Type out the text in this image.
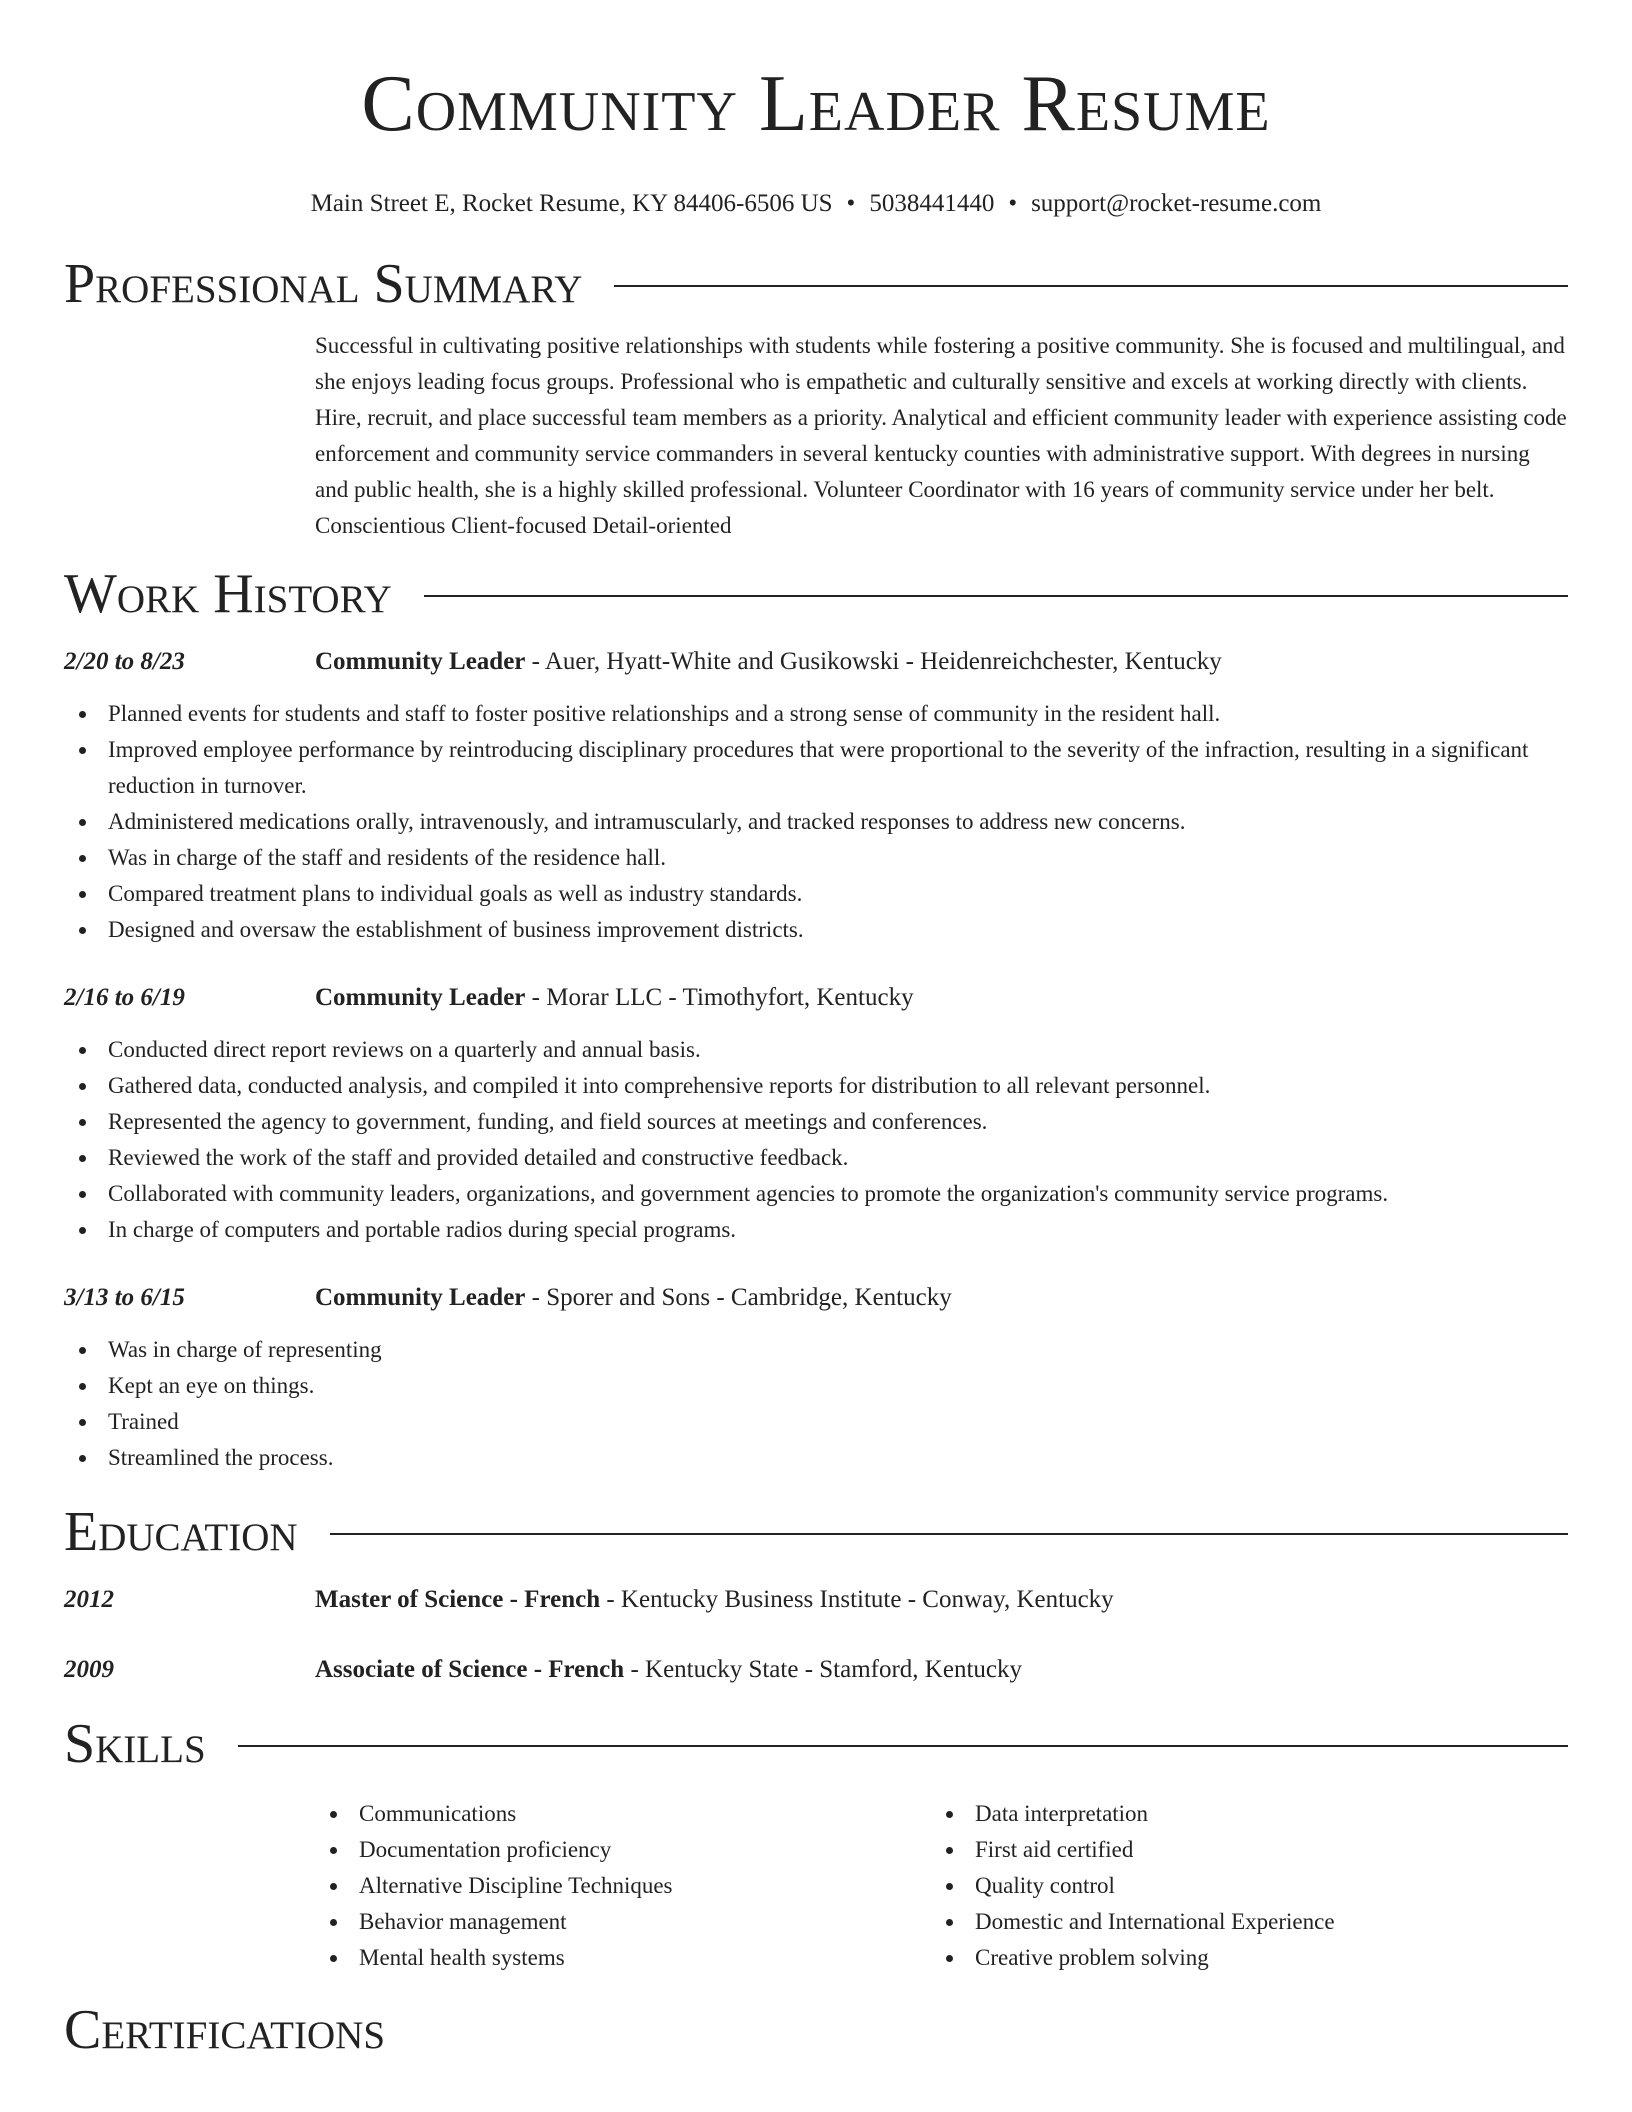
Community Leader Resume
Main Street E, Rocket Resume, KY 84406-6506 US • 5038441440 • support@rocket-resume.com
Professional Summary

Successful in cultivating positive relationships with students while fostering a positive community. She is focused and multilingual, and she enjoys leading focus groups. Professional who is empathetic and culturally sensitive and excels at working directly with clients. Hire, recruit, and place successful team members as a priority. Analytical and efficient community leader with experience assisting code enforcement and community service commanders in several kentucky counties with administrative support. With degrees in nursing and public health, she is a highly skilled professional. Volunteer Coordinator with 16 years of community service under her belt. Conscientious Client-focused Detail-oriented

Work History
2/20 to 8/23	Community Leader - Auer, Hyatt-White and Gusikowski - Heidenreichchester, Kentucky
Planned events for students and staff to foster positive relationships and a strong sense of community in the resident hall.
Improved employee performance by reintroducing disciplinary procedures that were proportional to the severity of the infraction, resulting in a significant reduction in turnover.
Administered medications orally, intravenously, and intramuscularly, and tracked responses to address new concerns.
Was in charge of the staff and residents of the residence hall.
Compared treatment plans to individual goals as well as industry standards.
Designed and oversaw the establishment of business improvement districts.
2/16 to 6/19	Community Leader - Morar LLC - Timothyfort, Kentucky
Conducted direct report reviews on a quarterly and annual basis.
Gathered data, conducted analysis, and compiled it into comprehensive reports for distribution to all relevant personnel.
Represented the agency to government, funding, and field sources at meetings and conferences.
Reviewed the work of the staff and provided detailed and constructive feedback.
Collaborated with community leaders, organizations, and government agencies to promote the organization's community service programs.
In charge of computers and portable radios during special programs.
3/13 to 6/15	Community Leader - Sporer and Sons - Cambridge, Kentucky
Was in charge of representing
Kept an eye on things.
Trained
Streamlined the process.
Education
2012	Master of Science - French - Kentucky Business Institute - Conway, Kentucky
2009	Associate of Science - French - Kentucky State - Stamford, Kentucky
Skills
Communications
Documentation proficiency
Alternative Discipline Techniques
Behavior management
Mental health systems
Data interpretation
First aid certified
Quality control
Domestic and International Experience
Creative problem solving
Certifications
